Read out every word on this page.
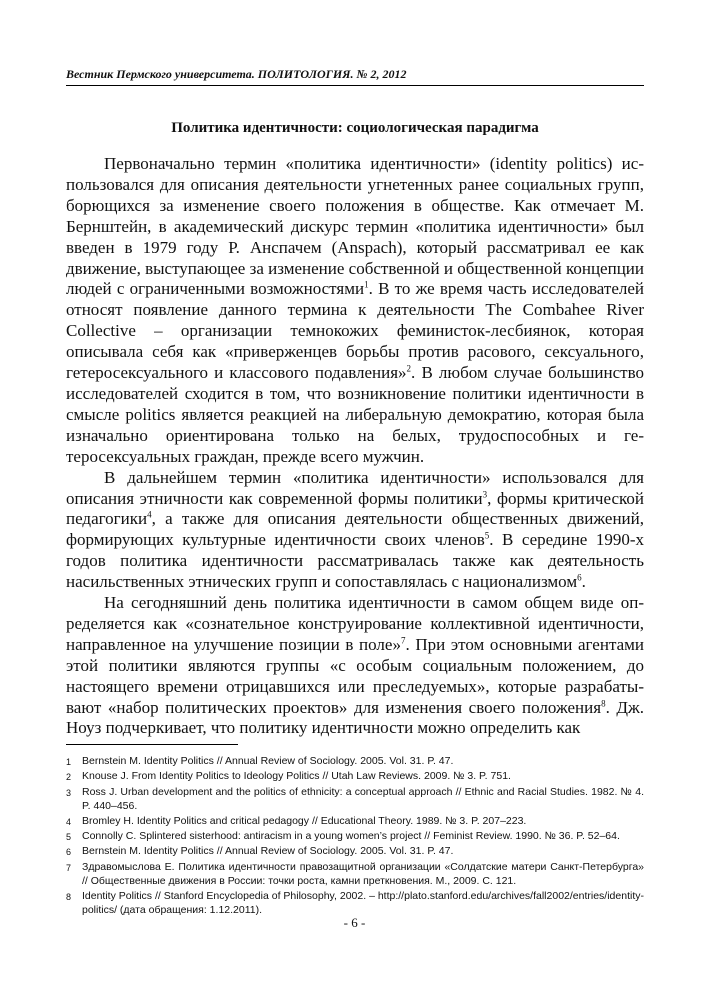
Вестник Пермского университета. ПОЛИТОЛОГИЯ. № 2, 2012
Политика идентичности: социологическая парадигма

Первоначально термин «политика идентичности» (identity politics) использовался для описания деятельности угнетенных ранее социальных групп, борющихся за изменение своего положения в обществе. Как отмечает М. Бернштейн, в академический дискурс термин «политика идентичности» был введен в 1979 году Р. Анспачем (Anspach), который рассматривал ее как движение, выступающее за изменение собственной и общественной концепции людей с ограниченными возможностями$^1$. В то же время часть исследователей относят появление данного термина к деятельности The Combahee River Collective – организации темнокожих феминисток-лесбиянок, которая описывала себя как «приверженцев борьбы против расового, сексуального, гетеросексуального и классового подавления»$^2$. В любом случае большинство исследователей сходится в том, что возникновение политики идентичности в смысле politics является реакцией на либеральную демократию, которая была изначально ориентирована только на белых, трудоспособных и гетеросексуальных граждан, прежде всего мужчин.

В дальнейшем термин «политика идентичности» использовался для описания этничности как современной формы политики$^3$, формы критической педагогики$^4$, а также для описания деятельности общественных движений, формирующих культурные идентичности своих членов$^5$. В середине 1990-х годов политика идентичности рассматривалась также как деятельность насильственных этнических групп и сопоставлялась с национализмом$^6$.

На сегодняшний день политика идентичности в самом общем виде определяется как «сознательное конструирование коллективной идентичности, направленное на улучшение позиции в поле»$^7$. При этом основными агентами этой политики являются группы «с особым социальным положением, до настоящего времени отрицавшихся или преследуемых», которые разрабатывают «набор политических проектов» для изменения своего положения$^8$. Дж. Ноуз подчеркивает, что политику идентичности можно определить как

1	Bernstein M. Identity Politics // Annual Review of Sociology. 2005. Vol. 31. P. 47.
2	Knouse J. From Identity Politics to Ideology Politics // Utah Law Reviews. 2009. № 3. P. 751.
3	Ross J. Urban development and the politics of ethnicity: a conceptual approach // Ethnic and Racial Studies. 1982. № 4. P. 440–456.
4	Bromley H. Identity Politics and critical pedagogy // Educational Theory. 1989. № 3. P. 207–223.
5	Connolly C. Splintered sisterhood: antiracism in a young women’s project // Feminist Review. 1990. № 36. P. 52–64.
6	Bernstein M. Identity Politics // Annual Review of Sociology. 2005. Vol. 31. P. 47.
7	Здравомыслова Е. Политика идентичности правозащитной организации «Солдатские матери Санкт-Петербурга» // Общественные движения в России: точки роста, камни преткновения. М., 2009. С. 121.
8	Identity Politics // Stanford Encyclopedia of Philosophy, 2002. – http://plato.stanford.edu/archives/fall2002/entries/identity-politics/ (дата обращения: 1.12.2011).
- 6 -
